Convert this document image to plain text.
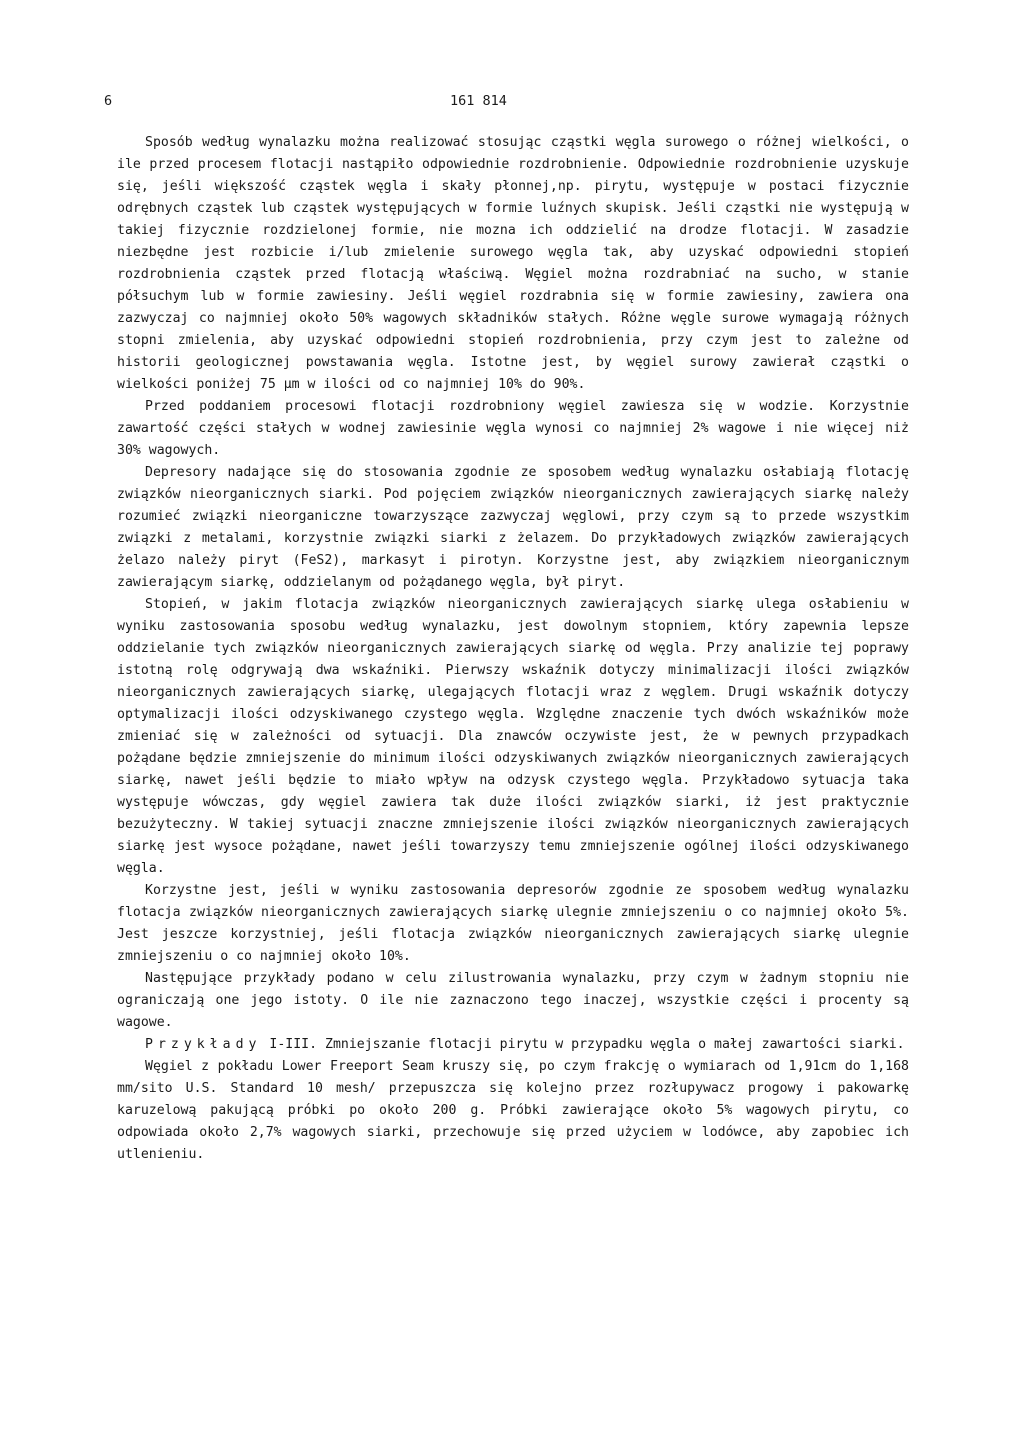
6	161 814

Sposób według wynalazku można realizować stosując cząstki węgla surowego o różnej wielkości, o ile przed procesem flotacji nastąpiło odpowiednie rozdrobnienie. Odpowiednie rozdrobnienie uzyskuje się, jeśli większość cząstek węgla i skały płonnej,np. pirytu, występuje w postaci fizycznie odrębnych cząstek lub cząstek występujących w formie luźnych skupisk. Jeśli cząstki nie występują w takiej fizycznie rozdzielonej formie, nie mozna ich oddzielić na drodze flotacji. W zasadzie niezbędne jest rozbicie i/lub zmielenie surowego węgla tak, aby uzyskać odpowiedni stopień rozdrobnienia cząstek przed flotacją właściwą. Węgiel można rozdrabniać na sucho, w stanie półsuchym lub w formie zawiesiny. Jeśli węgiel rozdrabnia się w formie zawiesiny, zawiera ona zazwyczaj co najmniej około 50% wagowych składników stałych. Różne węgle surowe wymagają różnych stopni zmielenia, aby uzyskać odpowiedni stopień rozdrobnienia, przy czym jest to zależne od historii geologicznej powstawania węgla. Istotne jest, by węgiel surowy zawierał cząstki o wielkości poniżej 75 µm w ilości od co najmniej 10% do 90%.

Przed poddaniem procesowi flotacji rozdrobniony węgiel zawiesza się w wodzie. Korzystnie zawartość części stałych w wodnej zawiesinie węgla wynosi co najmniej 2% wagowe i nie więcej niż 30% wagowych.

Depresory nadające się do stosowania zgodnie ze sposobem według wynalazku osłabiają flotację związków nieorganicznych siarki. Pod pojęciem związków nieorganicznych zawierających siarkę należy rozumieć związki nieorganiczne towarzyszące zazwyczaj węglowi, przy czym są to przede wszystkim związki z metalami, korzystnie związki siarki z żelazem. Do przykładowych związków zawierających żelazo należy piryt (FeS2), markasyt i pirotyn. Korzystne jest, aby związkiem nieorganicznym zawierającym siarkę, oddzielanym od pożądanego węgla, był piryt.

Stopień, w jakim flotacja związków nieorganicznych zawierających siarkę ulega osłabieniu w wyniku zastosowania sposobu według wynalazku, jest dowolnym stopniem, który zapewnia lepsze oddzielanie tych związków nieorganicznych zawierających siarkę od węgla. Przy analizie tej poprawy istotną rolę odgrywają dwa wskaźniki. Pierwszy wskaźnik dotyczy minimalizacji ilości związków nieorganicznych zawierających siarkę, ulegających flotacji wraz z węglem. Drugi wskaźnik dotyczy optymalizacji ilości odzyskiwanego czystego węgla. Względne znaczenie tych dwóch wskaźników może zmieniać się w zależności od sytuacji. Dla znawców oczywiste jest, że w pewnych przypadkach pożądane będzie zmniejszenie do minimum ilości odzyskiwanych związków nieorganicznych zawierających siarkę, nawet jeśli będzie to miało wpływ na odzysk czystego węgla. Przykładowo sytuacja taka występuje wówczas, gdy węgiel zawiera tak duże ilości związków siarki, iż jest praktycznie bezużyteczny. W takiej sytuacji znaczne zmniejszenie ilości związków nieorganicznych zawierających siarkę jest wysoce pożądane, nawet jeśli towarzyszy temu zmniejszenie ogólnej ilości odzyskiwanego węgla.

Korzystne jest, jeśli w wyniku zastosowania depresorów zgodnie ze sposobem według wynalazku flotacja związków nieorganicznych zawierających siarkę ulegnie zmniejszeniu o co najmniej około 5%. Jest jeszcze korzystniej, jeśli flotacja związków nieorganicznych zawierających siarkę ulegnie zmniejszeniu o co najmniej około 10%.

Następujące przykłady podano w celu zilustrowania wynalazku, przy czym w żadnym stopniu nie ograniczają one jego istoty. O ile nie zaznaczono tego inaczej, wszystkie części i procenty są wagowe.

Przykłady I-III. Zmniejszanie flotacji pirytu w przypadku węgla o małej zawartości siarki.

Węgiel z pokładu Lower Freeport Seam kruszy się, po czym frakcję o wymiarach od 1,91cm do 1,168 mm/sito U.S. Standard 10 mesh/ przepuszcza się kolejno przez rozłupywacz progowy i pakowarkę karuzelową pakującą próbki po około 200 g. Próbki zawierające około 5% wagowych pirytu, co odpowiada około 2,7% wagowych siarki, przechowuje się przed użyciem w lodówce, aby zapobiec ich utlenieniu.
